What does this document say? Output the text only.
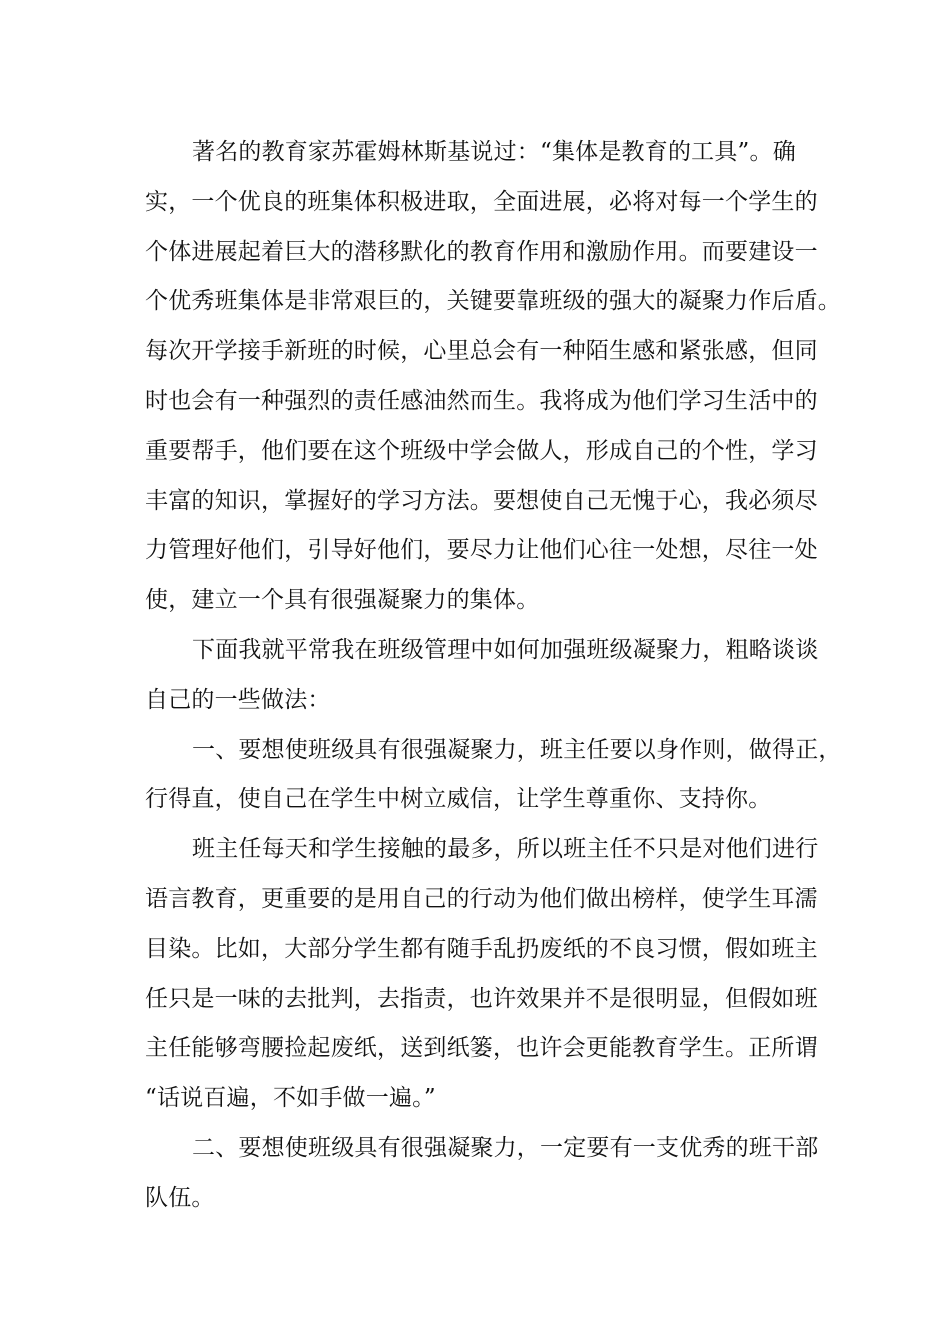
著名的教育家苏霍姆林斯基说过：“集体是教育的工具”。确
实，一个优良的班集体积极进取，全面进展，必将对每一个学生的
个体进展起着巨大的潜移默化的教育作用和激励作用。而要建设一
个优秀班集体是非常艰巨的，关键要靠班级的强大的凝聚力作后盾。
每次开学接手新班的时候，心里总会有一种陌生感和紧张感，但同
时也会有一种强烈的责任感油然而生。我将成为他们学习生活中的
重要帮手，他们要在这个班级中学会做人，形成自己的个性，学习
丰富的知识，掌握好的学习方法。要想使自己无愧于心，我必须尽
力管理好他们，引导好他们，要尽力让他们心往一处想，尽往一处
使，建立一个具有很强凝聚力的集体。
下面我就平常我在班级管理中如何加强班级凝聚力，粗略谈谈
自己的一些做法：
一、要想使班级具有很强凝聚力，班主任要以身作则，做得正，
行得直，使自己在学生中树立威信，让学生尊重你、支持你。
班主任每天和学生接触的最多，所以班主任不只是对他们进行
语言教育，更重要的是用自己的行动为他们做出榜样，使学生耳濡
目染。比如，大部分学生都有随手乱扔废纸的不良习惯，假如班主
任只是一味的去批判，去指责，也许效果并不是很明显，但假如班
主任能够弯腰捡起废纸，送到纸篓，也许会更能教育学生。正所谓
“话说百遍，不如手做一遍。”
二、要想使班级具有很强凝聚力，一定要有一支优秀的班干部
队伍。
